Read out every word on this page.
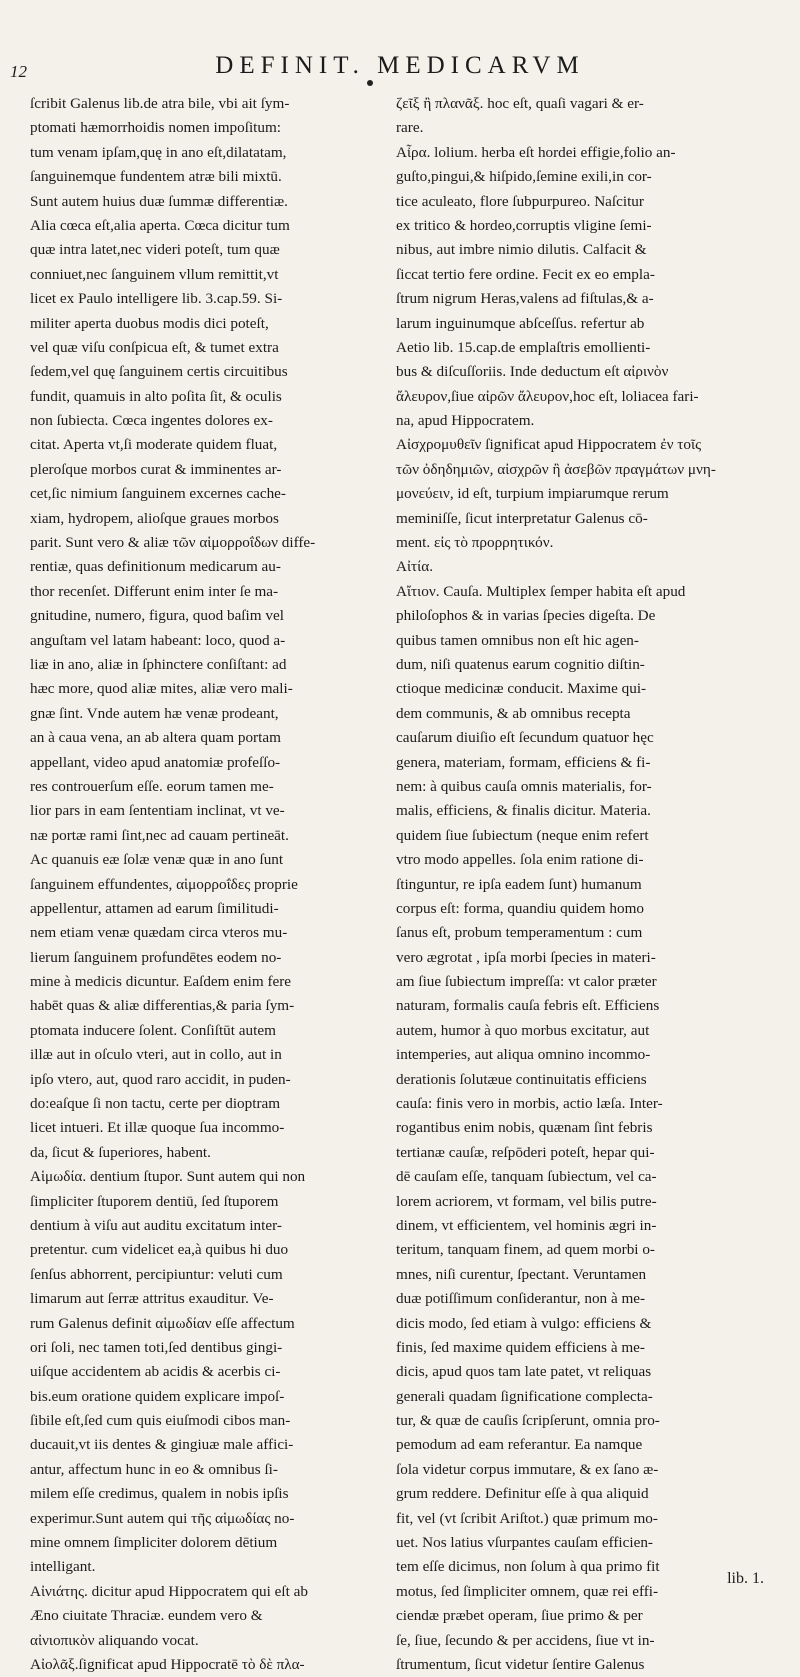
12	DEFINIT. MEDICARVM
ſcribit Galenus lib.de atra bile, vbi ait ſym-
ptomati hæmorrhoidis nomen impoſitum:
tum venam ipſam,quę in ano eſt,dilatatam,
ſanguinemque fundentem atræ bili mixtū.
Sunt autem huius duæ ſummæ differentiæ.
Alia cœca eſt,alia aperta. Cœca dicitur tum
quæ intra latet,nec videri poteſt, tum quæ
conniuet,nec ſanguinem vllum remittit,vt
licet ex Paulo intelligere lib. 3.cap.59. Si-
militer aperta duobus modis dici poteſt,
vel quæ viſu conſpicua eſt, & tumet extra
ſedem,vel quę ſanguinem certis circuitibus
fundit, quamuis in alto poſita ſit, & oculis
non ſubiecta. Cœca ingentes dolores ex-
citat. Aperta vt,ſi moderate quidem fluat,
pleroſque morbos curat & imminentes ar-
cet,ſic nimium ſanguinem excernes cache-
xiam, hydropem, alioſque graues morbos
parit. Sunt vero & aliæ τῶν αἱμορροΐδων diffe-
rentiæ, quas definitionum medicarum au-
thor recenſet. Differunt enim inter ſe ma-
gnitudine, numero, figura, quod baſim vel
anguſtam vel latam habeant: loco, quod a-
liæ in ano, aliæ in ſphinctere conſiſtant: ad
hæc more, quod aliæ mites, aliæ vero mali-
gnæ ſint. Vnde autem hæ venæ prodeant,
an à caua vena, an ab altera quam portam
appellant, video apud anatomiæ profeſſo-
res controuerſum eſſe. eorum tamen me-
lior pars in eam ſententiam inclinat, vt ve-
næ portæ rami ſint,nec ad cauam pertineāt.
Ac quanuis eæ ſolæ venæ quæ in ano ſunt
ſanguinem effundentes, αἱμορροΐδες proprie
appellentur, attamen ad earum ſimilitudi-
nem etiam venæ quædam circa vteros mu-
lierum ſanguinem profundētes eodem no-
mine à medicis dicuntur. Eaſdem enim fere
habēt quas & aliæ differentias,& paria ſym-
ptomata inducere ſolent. Conſiſtūt autem
illæ aut in oſculo vteri, aut in collo, aut in
ipſo vtero, aut, quod raro accidit, in puden-
do:eaſque ſi non tactu, certe per dioptram
licet intueri. Et illæ quoque ſua incommo-
da, ſicut & ſuperiores, habent.
Αἱμωδία. dentium ſtupor. Sunt autem qui non
ſimpliciter ſtuporem dentiū, ſed ſtuporem
dentium à viſu aut auditu excitatum inter-
pretentur. cum videlicet ea,à quibus hi duo
ſenſus abhorrent, percipiuntur: veluti cum
limarum aut ſerræ attritus exauditur. Ve-
rum Galenus definit αἱμωδίαν eſſe affectum
ori ſoli, nec tamen toti,ſed dentibus gingi-
uiſque accidentem ab acidis & acerbis ci-
bis.eum oratione quidem explicare impoſ-
ſibile eſt,ſed cum quis eiuſmodi cibos man-
ducauit,vt iis dentes & gingiuæ male affici-
antur, affectum hunc in eo & omnibus ſi-
milem eſſe credimus, qualem in nobis ipſis
experimur.Sunt autem qui τῆς αἱμωδίας no-
mine omnem ſimpliciter dolorem dētium
intelligant.
Αἰνιάτης. dicitur apud Hippocratem qui eſt ab
Æno ciuitate Thraciæ. eundem vero &
αἰνιοπικὸν aliquando vocat.
Αἰολᾶξ.ſignificat apud Hippocratē τὸ δὲ πλα-
ζεῖξ ἢ πλανᾶξ. hoc eſt, quaſi vagari & er-
rare.
Αἶρα. lolium. herba eſt hordei effigie,folio an-
guſto,pingui,& hiſpido,ſemine exili,in cor-
tice aculeato, flore ſubpurpureo. Naſcitur
ex tritico & hordeo,corruptis vligine ſemi-
nibus, aut imbre nimio dilutis. Calfacit &
ſiccat tertio fere ordine. Fecit ex eo empla-
ſtrum nigrum Heras,valens ad fiſtulas,& a-
larum inguinumque abſceſſus. refertur ab
Aetio lib. 15.cap.de emplaſtris emollienti-
bus & diſcuſſoriis. Inde deductum eſt αἰρινὸν
ἄλευρον,ſiue αἰρῶν ἄλευρον,hoc eſt, loliacea fari-
na, apud Hippocratem.
Αἰσχρομυθεῖν ſignificat apud Hippocratem ἐν τοῖς
τῶν ὀδηδημιῶν, αἰσχρῶν ἢ ἀσεβῶν πραγμάτων μνη-
μονεύειν, id eſt, turpium impiarumque rerum
meminiſſe, ſicut interpretatur Galenus cō-
ment. εἰς τὸ προρρητικόν.
Αἰτία.
Αἴτιον. Cauſa. Multiplex ſemper habita eſt apud
philoſophos & in varias ſpecies digeſta. De
quibus tamen omnibus non eſt hic agen-
dum, niſi quatenus earum cognitio diſtin-
ctioque medicinæ conducit. Maxime qui-
dem communis, & ab omnibus recepta
cauſarum diuiſio eſt ſecundum quatuor hęc
genera, materiam, formam, efficiens & fi-
nem: à quibus cauſa omnis materialis, for-
malis, efficiens, & finalis dicitur. Materia.
quidem ſiue ſubiectum (neque enim refert
vtro modo appelles. ſola enim ratione di-
ſtinguntur, re ipſa eadem ſunt) humanum
corpus eſt: forma, quandiu quidem homo
ſanus eſt, probum temperamentum : cum
vero ægrotat , ipſa morbi ſpecies in materi-
am ſiue ſubiectum impreſſa: vt calor præter
naturam, formalis cauſa febris eſt. Efficiens
autem, humor à quo morbus excitatur, aut
intemperies, aut aliqua omnino incommo-
derationis ſolutæue continuitatis efficiens
cauſa: finis vero in morbis, actio læſa. Inter-
rogantibus enim nobis, quænam ſint febris
tertianæ cauſæ, reſpōderi poteſt, hepar qui-
dē cauſam eſſe, tanquam ſubiectum, vel ca-
lorem acriorem, vt formam, vel bilis putre-
dinem, vt efficientem, vel hominis ægri in-
teritum, tanquam finem, ad quem morbi o-
mnes, niſi curentur, ſpectant. Veruntamen
duæ potiſſimum conſiderantur, non à me-
dicis modo, ſed etiam à vulgo: efficiens &
finis, ſed maxime quidem efficiens à me-
dicis, apud quos tam late patet, vt reliquas
generali quadam ſignificatione complecta-
tur, & quæ de cauſis ſcripſerunt, omnia pro-
pemodum ad eam referantur. Ea namque
ſola videtur corpus immutare, & ex ſano æ-
grum reddere. Definitur eſſe à qua aliquid
fit, vel (vt ſcribit Ariſtot.) quæ primum mo-
uet. Nos latius vſurpantes cauſam efficien-
tem eſſe dicimus, non ſolum à qua primo fit
motus, ſed ſimpliciter omnem, quæ rei effi-
ciendæ præbet operam, ſiue primo & per
ſe, ſiue, ſecundo & per accidens, ſiue vt in-
ſtrumentum, ſicut videtur ſentire Galenus
lib. 1.
